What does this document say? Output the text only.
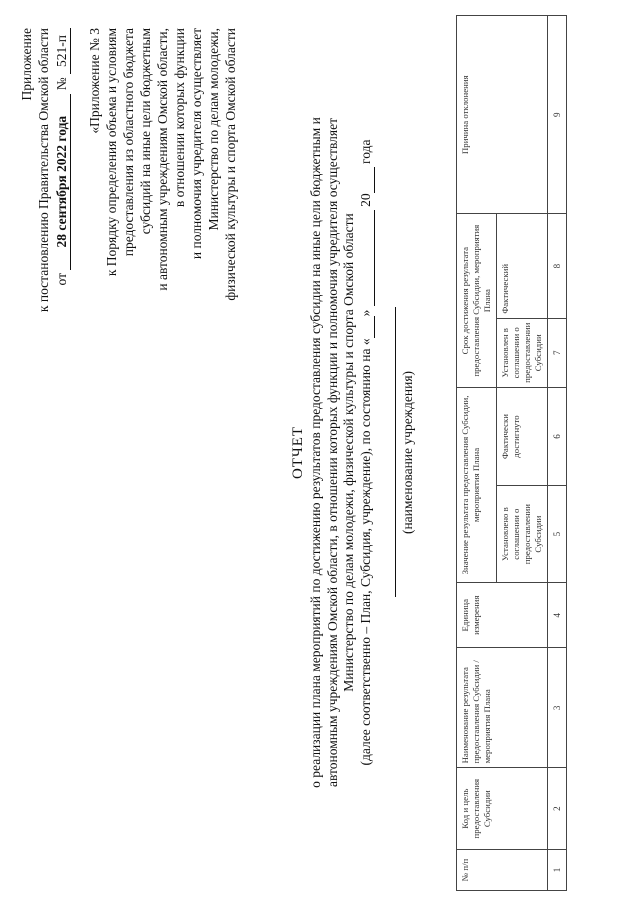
Приложение к постановлению Правительства Омской области от 28 сентября 2022 года № 521-п «Приложение № 3 к Порядку определения объема и условиям предоставления из областного бюджета субсидий на иные цели бюджетным и автономным учреждениям Омской области, в отношении которых функции и полномочия учредителя осуществляет Министерство по делам молодежи, физической культуры и спорта Омской области
ОТЧЕТ о реализации плана мероприятий по достижению результатов предоставления субсидии на иные цели бюджетным и автономным учреждениям Омской области, в отношении которых функции и полномочия учредителя осуществляет Министерство по делам молодежи, физической культуры и спорта Омской области (далее соответственно – План, Субсидия, учреждение), по состоянию на « »   20  года
(наименование учреждения)
№ п/п	Код и цель предоставления Субсидии	Наименование результата предоставления Субсидии / мероприятия Плана	Единица измерения	Значение результата предоставления Субсидии, мероприятия Плана		Срок достижения результата предоставления Субсидии, мероприятия Плана		Причина отклонения
				Установлено в соглашении о предоставлении Субсидии	Фактически достигнуто	Установлен в соглашении о предоставлении Субсидии	Фактический	
1	2	3	4	5	6	7	8	9
